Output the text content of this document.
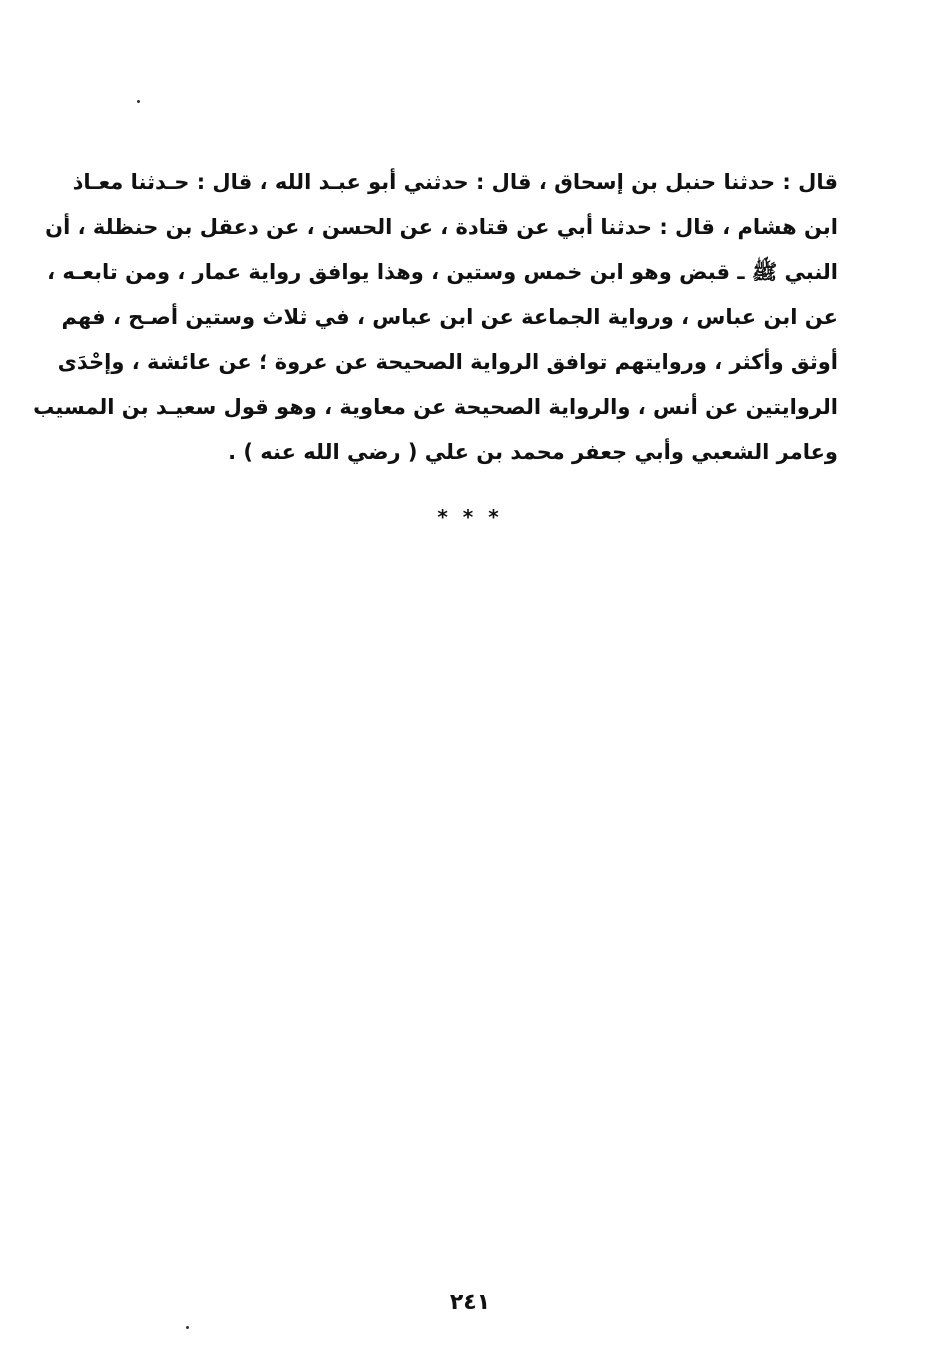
قال : حدثنا حنبل بن إسحاق ، قال : حدثني أبو عبـد الله ، قال : حـدثنا معـاذ
ابن هشام ، قال : حدثنا أبي عن قتادة ، عن الحسن ، عن دعقل بن حنظلة ، أن
النبي ﷺ ـ قبض وهو ابن خمس وستين ، وهذا يوافق رواية عمار ، ومن تابعـه ،
عن ابن عباس ، ورواية الجماعة عن ابن عباس ، في ثلاث وستين أصـح ، فهم
أوثق وأكثر ، وروايتهم توافق الرواية الصحيحة عن عروة ؛ عن عائشة ، وإحْدَى
الروايتين عن أنس ، والرواية الصحيحة عن معاوية ، وهو قول سعيـد بن المسيب
وعامر الشعبي وأبي جعفر محمد بن علي ( رضي الله عنه ) .
* * *
٢٤١
